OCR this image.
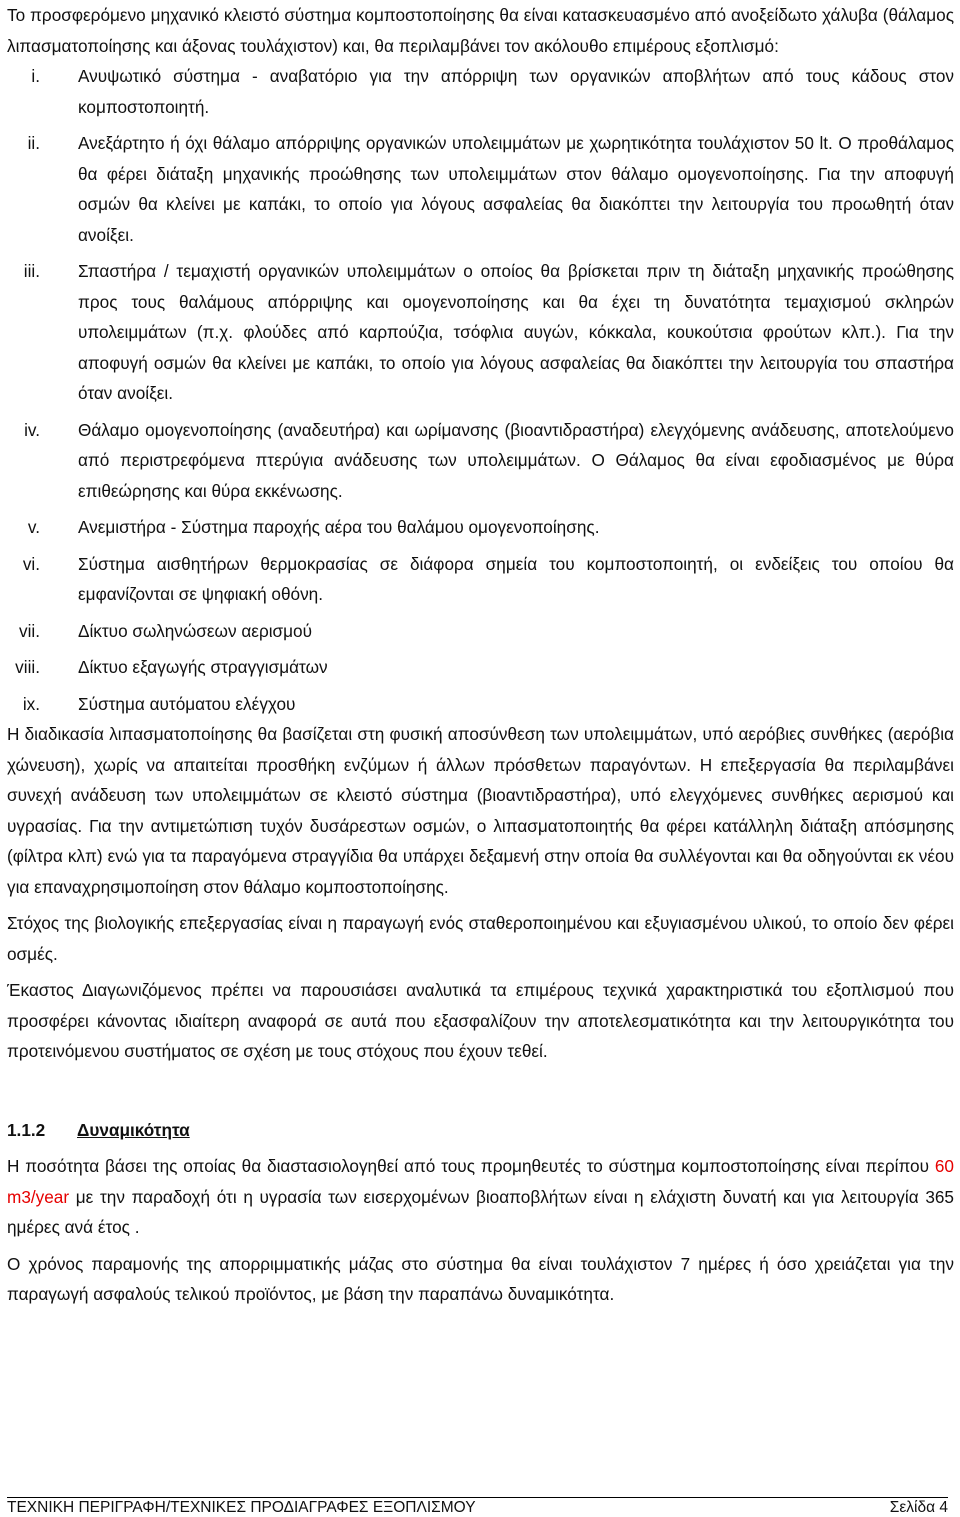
Το προσφερόμενο μηχανικό κλειστό σύστημα κομποστοποίησης θα είναι κατασκευασμένο από ανοξείδωτο χάλυβα (θάλαμος λιπασματοποίησης και άξονας τουλάχιστον) και, θα περιλαμβάνει τον ακόλουθο επιμέρους εξοπλισμό:

i. Ανυψωτικό σύστημα - αναβατόριο για την απόρριψη των οργανικών αποβλήτων από τους κάδους στον κομποστοποιητή.
ii. Ανεξάρτητο ή όχι θάλαμο απόρριψης οργανικών υπολειμμάτων με χωρητικότητα τουλάχιστον 50 lt. Ο προθάλαμος θα φέρει διάταξη μηχανικής προώθησης των υπολειμμάτων στον θάλαμο ομογενοποίησης. Για την αποφυγή οσμών θα κλείνει με καπάκι, το οποίο για λόγους ασφαλείας θα διακόπτει την λειτουργία του προωθητή όταν ανοίξει.
iii. Σπαστήρα / τεμαχιστή οργανικών υπολειμμάτων ο οποίος θα βρίσκεται πριν τη διάταξη μηχανικής προώθησης προς τους θαλάμους απόρριψης και ομογενοποίησης και θα έχει τη δυνατότητα τεμαχισμού σκληρών υπολειμμάτων (π.χ. φλούδες από καρπούζια, τσόφλια αυγών, κόκκαλα, κουκούτσια φρούτων κλπ.). Για την αποφυγή οσμών θα κλείνει με καπάκι, το οποίο για λόγους ασφαλείας θα διακόπτει την λειτουργία του σπαστήρα όταν ανοίξει.
iv. Θάλαμο ομογενοποίησης (αναδευτήρα) και ωρίμανσης (βιοαντιδραστήρα) ελεγχόμενης ανάδευσης, αποτελούμενο από περιστρεφόμενα πτερύγια ανάδευσης των υπολειμμάτων. Ο Θάλαμος θα είναι εφοδιασμένος με θύρα επιθεώρησης και θύρα εκκένωσης.
v. Ανεμιστήρα - Σύστημα παροχής αέρα του θαλάμου ομογενοποίησης.
vi. Σύστημα αισθητήρων θερμοκρασίας σε διάφορα σημεία του κομποστοποιητή, οι ενδείξεις του οποίου θα εμφανίζονται σε ψηφιακή οθόνη.
vii. Δίκτυο σωληνώσεων αερισμού
viii. Δίκτυο εξαγωγής στραγγισμάτων
ix. Σύστημα αυτόματου ελέγχου

Η διαδικασία λιπασματοποίησης θα βασίζεται στη φυσική αποσύνθεση των υπολειμμάτων, υπό αερόβιες συνθήκες (αερόβια χώνευση), χωρίς να απαιτείται προσθήκη ενζύμων ή άλλων πρόσθετων παραγόντων. Η επεξεργασία θα περιλαμβάνει συνεχή ανάδευση των υπολειμμάτων σε κλειστό σύστημα (βιοαντιδραστήρα), υπό ελεγχόμενες συνθήκες αερισμού και υγρασίας. Για την αντιμετώπιση τυχόν δυσάρεστων οσμών, ο λιπασματοποιητής θα φέρει κατάλληλη διάταξη απόσμησης (φίλτρα κλπ) ενώ για τα παραγόμενα στραγγίδια θα υπάρχει δεξαμενή στην οποία θα συλλέγονται και θα οδηγούνται εκ νέου για επαναχρησιμοποίηση στον θάλαμο κομποστοποίησης.

Στόχος της βιολογικής επεξεργασίας είναι η παραγωγή ενός σταθεροποιημένου και εξυγιασμένου υλικού, το οποίο δεν φέρει οσμές.

Έκαστος Διαγωνιζόμενος πρέπει να παρουσιάσει αναλυτικά τα επιμέρους τεχνικά χαρακτηριστικά του εξοπλισμού που προσφέρει κάνοντας ιδιαίτερη αναφορά σε αυτά που εξασφαλίζουν την αποτελεσματικότητα και την λειτουργικότητα του προτεινόμενου συστήματος σε σχέση με τους στόχους που έχουν τεθεί.

1.1.2 Δυναμικότητα

Η ποσότητα βάσει της οποίας θα διαστασιολογηθεί από τους προμηθευτές το σύστημα κομποστοποίησης είναι περίπου 60 m3/year με την παραδοχή ότι η υγρασία των εισερχομένων βιοαποβλήτων είναι η ελάχιστη δυνατή και για λειτουργία 365 ημέρες ανά έτος .

Ο χρόνος παραμονής της απορριμματικής μάζας στο σύστημα θα είναι τουλάχιστον 7 ημέρες ή όσο χρειάζεται για την παραγωγή ασφαλούς τελικού προϊόντος, με βάση την παραπάνω δυναμικότητα.

ΤΕΧΝΙΚΗ ΠΕΡΙΓΡΑΦΗ/ΤΕΧΝΙΚΕΣ ΠΡΟΔΙΑΓΡΑΦΕΣ ΕΞΟΠΛΙΣΜΟΥ	Σελίδα 4
